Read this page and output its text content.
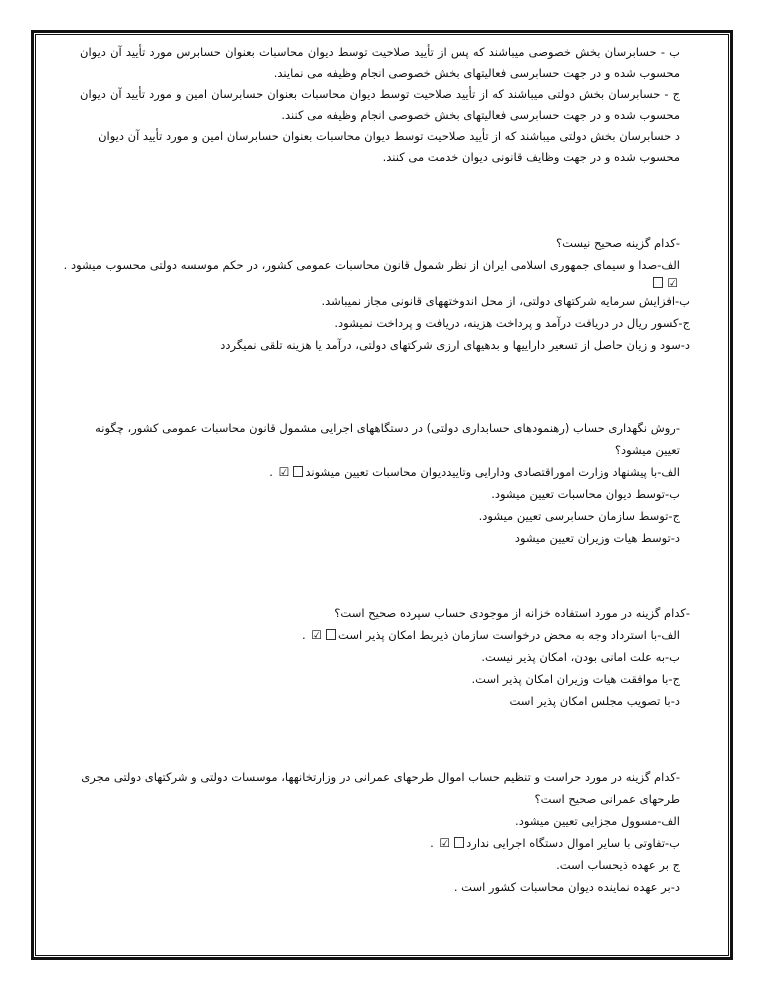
ب - حسابرسان بخش خصوصی میباشند که پس از تأیید صلاحیت توسط دیوان محاسبات بعنوان حسابرس مورد تأیید آن دیوان
محسوب شده و در جهت حسابرسی فعالیتهای بخش خصوصی انجام وظیفه می نمایند.
ج - حسابرسان بخش دولتی میباشند که از تأیید صلاحیت توسط دیوان محاسبات بعنوان حسابرسان امین و مورد تأیید آن دیوان
محسوب شده و در جهت حسابرسی فعالیتهای بخش خصوصی انجام وظیفه می کنند.
د حسابرسان بخش دولتی میباشند که از تأیید صلاحیت توسط دیوان محاسبات بعنوان حسابرسان امین و مورد تأیید آن دیوان
محسوب شده و در جهت وظایف قانونی دیوان خدمت می کنند.
-کدام گزینه صحیح نیست؟
الف-صدا و سیمای جمهوری اسلامی ایران از نظر شمول قانون محاسبات عمومی کشور، در حکم موسسه دولتی محسوب میشود .
☑
ب-افزایش سرمایه شرکتهای دولتی، از محل اندوختههای قانونی مجاز نمیباشد.
ج-کسور ریال در دریافت درآمد و پرداخت هزینه، دریافت و پرداخت نمیشود.
د-سود و زیان حاصل از تسعیر داراییها و بدهیهای ارزی شرکتهای دولتی، درآمد یا هزینه تلقی نمیگردد
-روش نگهداری حساب (رهنمودهای حسابداری دولتی) در دستگاههای اجرایی مشمول قانون محاسبات عمومی کشور، چگونه تعیین میشود؟
الف-با پیشنهاد وزارت اموراقتصادی ودارایی وتاییددیوان محاسبات تعیین میشوند☑ .
ب-توسط دیوان محاسبات تعیین میشود.
ج-توسط سازمان حسابرسی تعیین میشود.
د-توسط هیات وزیران تعیین میشود
-کدام گزینه در مورد استفاده خزانه از موجودی حساب سپرده صحیح است؟
الف-با استرداد وجه به محض درخواست سازمان ذیربط امکان پذیر است☑ .
ب-به علت امانی بودن، امکان پذیر نیست.
ج-با موافقت هیات وزیران امکان پذیر است.
د-با تصویب مجلس امکان پذیر است
-کدام گزینه در مورد حراست و تنظیم حساب اموال طرحهای عمرانی در وزارتخانهها، موسسات دولتی و شرکتهای دولتی مجری طرحهای عمرانی صحیح است؟
الف-مسوول مجزایی تعیین میشود.
ب-تفاوتی با سایر اموال دستگاه اجرایی ندارد☑ .
ج بر عهده ذیحساب است.
د-بر عهده نماینده دیوان محاسبات کشور است .
